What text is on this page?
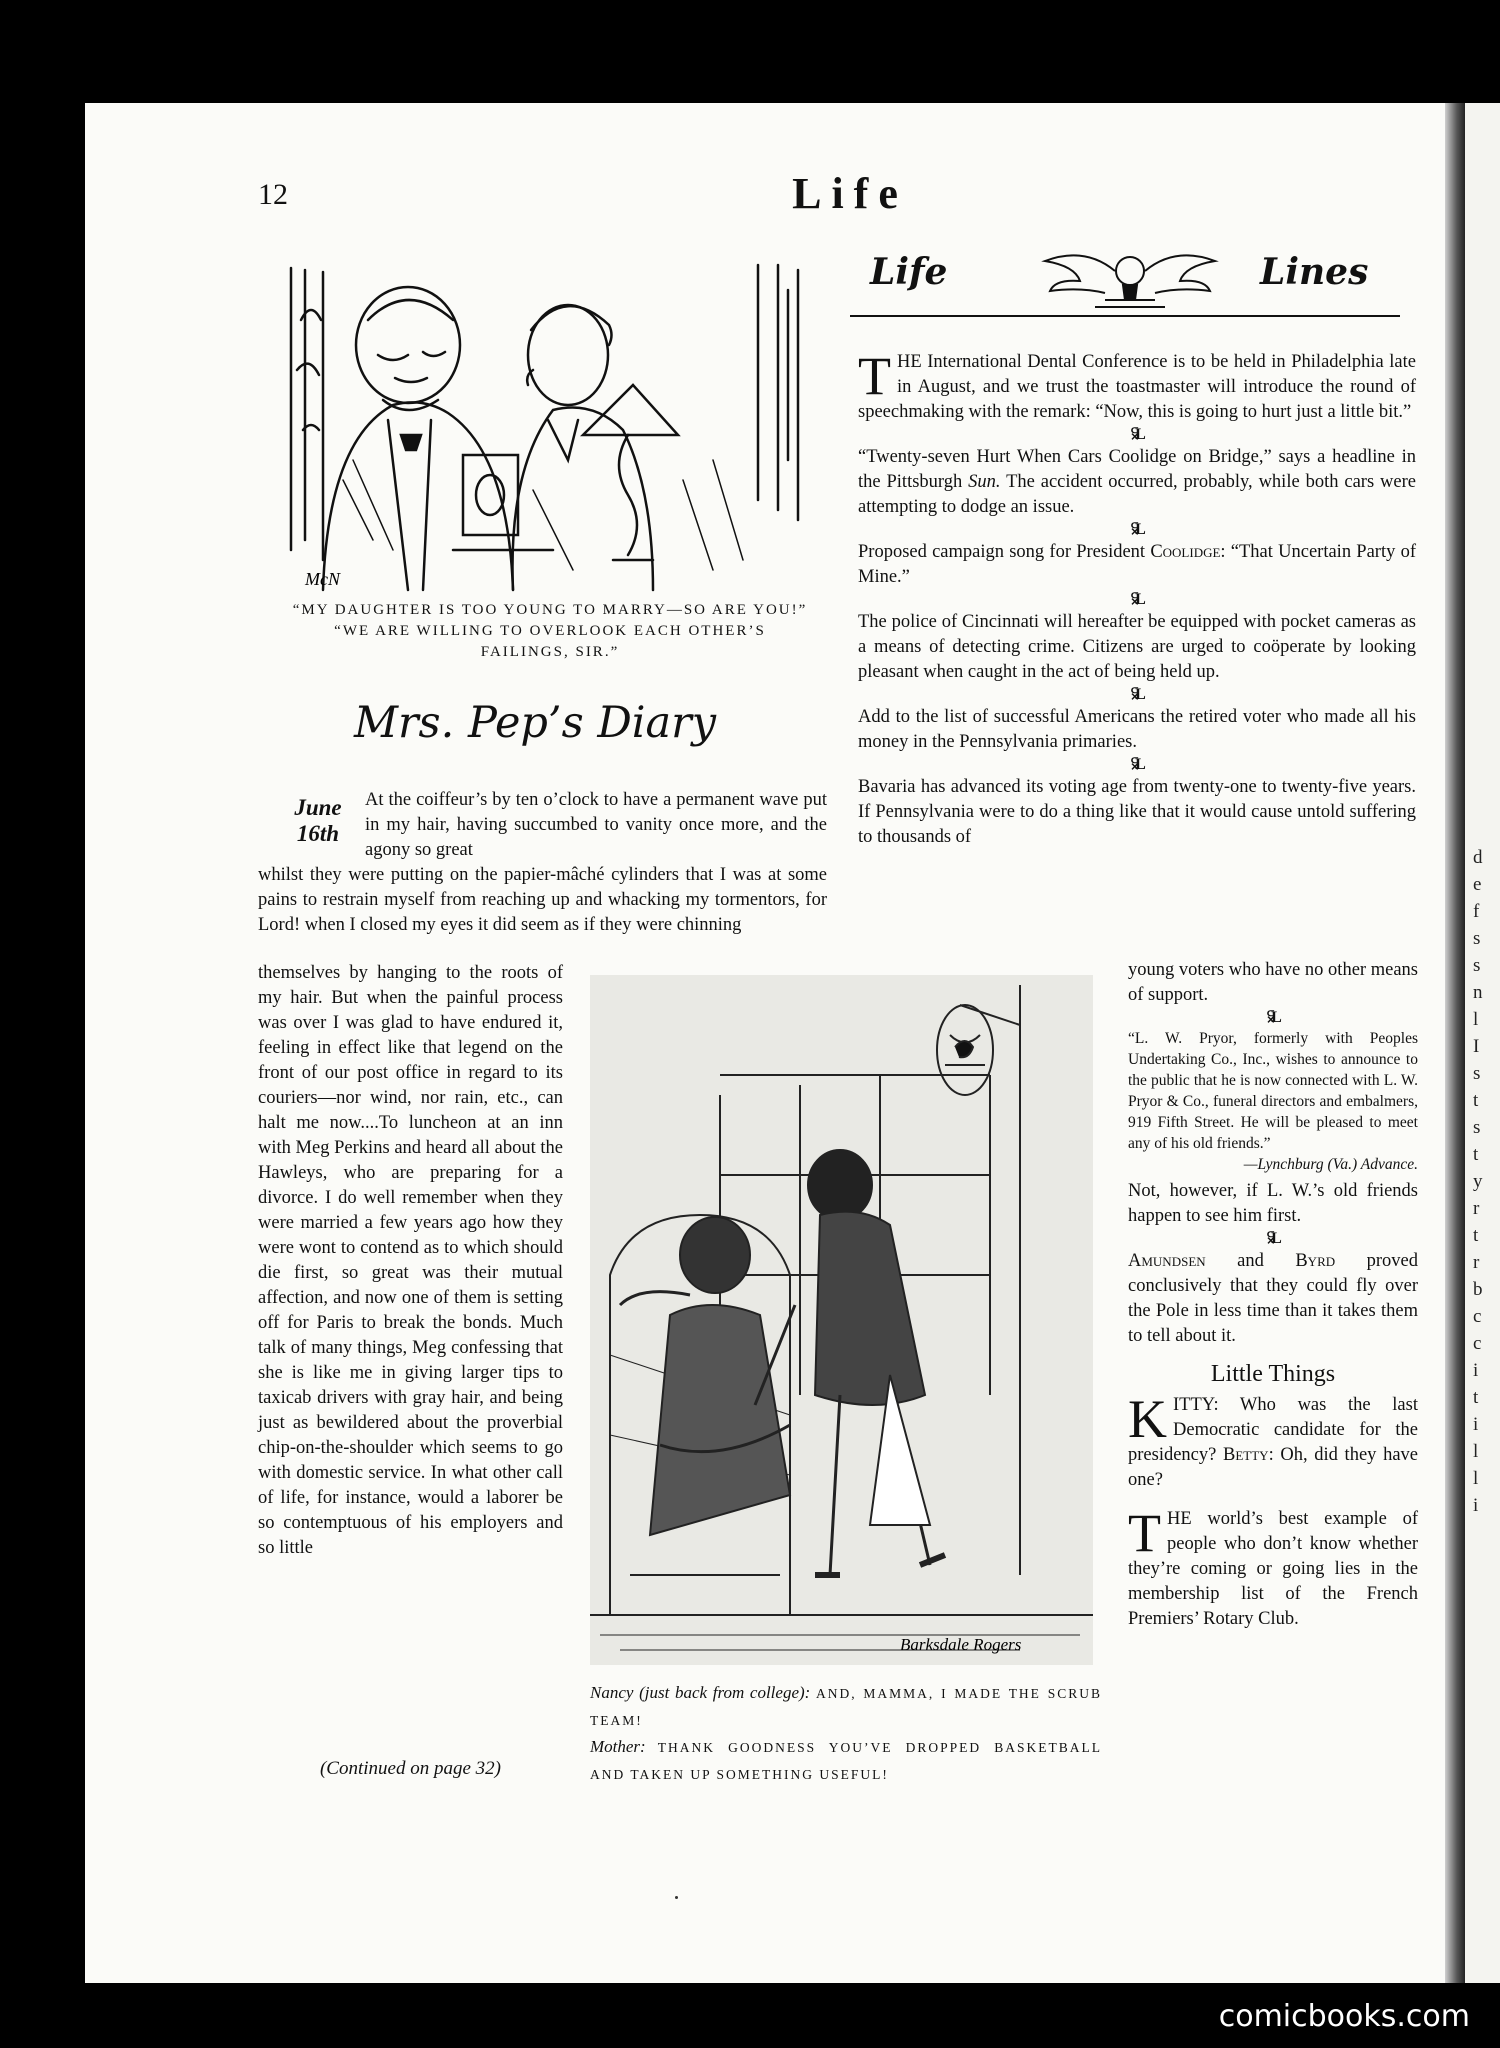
d
e
f
s
s
n
l
I
s
t
s
t
y
r
t
r
b
c
c
i
t
i
l
l
i
12	Life
McN
“MY DAUGHTER IS TOO YOUNG TO MARRY—SO ARE YOU!”
“WE ARE WILLING TO OVERLOOK EACH OTHER’S
FAILINGS, SIR.”
Mrs. Pep’s Diary
June
16th
At the coiffeur’s by ten o’clock to have a permanent wave put in my hair, having succumbed to vanity once more, and the agony so great
whilst they were putting on the papier-mâché cylinders that I was at some pains to restrain myself from reaching up and whacking my tormentors, for Lord! when I closed my eyes it did seem as if they were chinning
themselves by hanging to the roots of my hair. But when the painful process was over I was glad to have endured it, feeling in effect like that legend on the front of our post office in regard to its couriers—nor wind, nor rain, etc., can halt me now....To luncheon at an inn with Meg Perkins and heard all about the Hawleys, who are preparing for a divorce. I do well remember when they were married a few years ago how they were wont to contend as to which should die first, so great was their mutual affection, and now one of them is setting off for Paris to break the bonds. Much talk of many things, Meg confessing that she is like me in giving larger tips to taxicab drivers with gray hair, and being just as bewildered about the proverbial chip-on-the-shoulder which seems to go with domestic service. In what other call of life, for instance, would a laborer be so contemptuous of his employers and so little
(Continued on page 32)
Barksdale Rogers
Nancy (just back from college): AND, MAMMA, I MADE THE SCRUB TEAM!
Mother: THANK GOODNESS YOU’VE DROPPED BASKETBALL AND TAKEN UP SOMETHING USEFUL!
Life	Lines

THE International Dental Conference is to be held in Philadelphia late in August, and we trust the toastmaster will introduce the round of speechmaking with the remark: “Now, this is going to hurt just a little bit.”

⫁L

“Twenty-seven Hurt When Cars Coolidge on Bridge,” says a headline in the Pittsburgh Sun. The accident occurred, probably, while both cars were attempting to dodge an issue.

⫁L

Proposed campaign song for President Coolidge: “That Uncertain Party of Mine.”

⫁L

The police of Cincinnati will hereafter be equipped with pocket cameras as a means of detecting crime. Citizens are urged to coöperate by looking pleasant when caught in the act of being held up.

⫁L

Add to the list of successful Americans the retired voter who made all his money in the Pennsylvania primaries.

⫁L

Bavaria has advanced its voting age from twenty-one to twenty-five years. If Pennsylvania were to do a thing like that it would cause untold suffering to thousands of

young voters who have no other means of support.

⫁L

“L. W. Pryor, formerly with Peoples Undertaking Co., Inc., wishes to announce to the public that he is now connected with L. W. Pryor & Co., funeral directors and embalmers, 919 Fifth Street. He will be pleased to meet any of his old friends.”

—Lynchburg (Va.) Advance.

Not, however, if L. W.’s old friends happen to see him first.

⫁L

Amundsen and Byrd proved conclusively that they could fly over the Pole in less time than it takes them to tell about it.

Little Things

KITTY: Who was the last Democratic candidate for the presidency? Betty: Oh, did they have one?

THE world’s best example of people who don’t know whether they’re coming or going lies in the membership list of the French Premiers’ Rotary Club.

comicbooks.com
